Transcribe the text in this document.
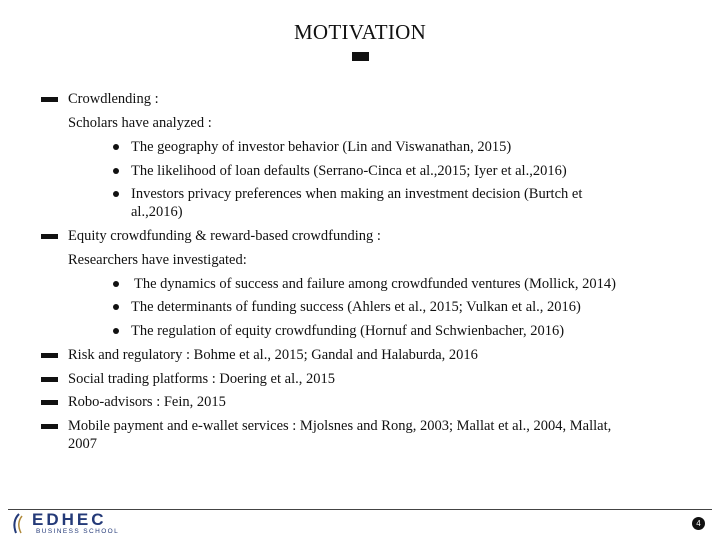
MOTIVATION
Crowdlending :
Scholars have analyzed :
The geography of investor behavior (Lin and Viswanathan, 2015)
The likelihood of loan defaults (Serrano-Cinca et al.,2015; Iyer et al.,2016)
Investors privacy preferences when making an investment decision (Burtch et
al.,2016)
Equity crowdfunding & reward-based crowdfunding :
Researchers have investigated:
The dynamics of success and failure among crowdfunded ventures (Mollick, 2014)
The determinants of funding success (Ahlers et al., 2015; Vulkan et al., 2016)
The regulation of equity crowdfunding (Hornuf and Schwienbacher, 2016)
Risk and regulatory : Bohme et al., 2015; Gandal and Halaburda, 2016
Social trading platforms : Doering et al., 2015
Robo-advisors : Fein, 2015
Mobile payment and e-wallet services : Mjolsnes and Rong, 2003; Mallat et al., 2004, Mallat,
2007
EDHEC
BUSINESS SCHOOL
4
